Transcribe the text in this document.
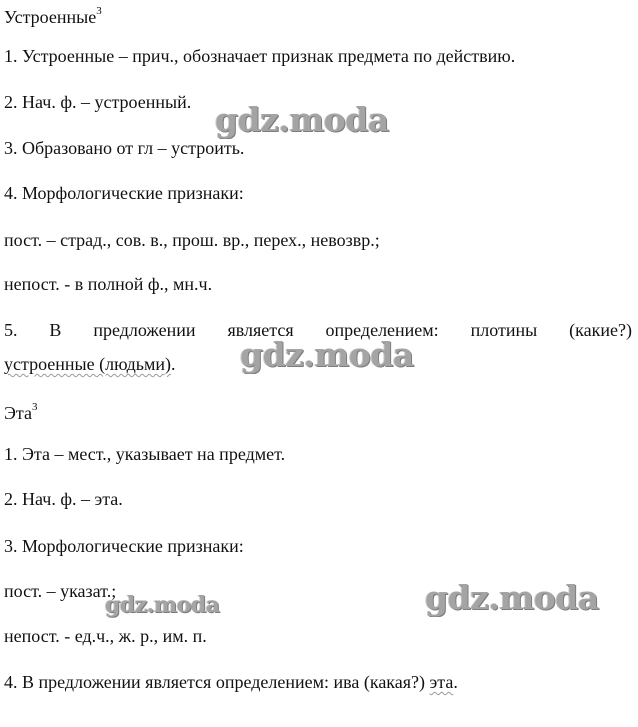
Устроенные$^3$
1. Устроенные – прич., обозначает признак предмета по действию.
2. Нач. ф. – устроенный.
3. Образовано от гл – устроить.
4. Морфологические признаки:
пост. – страд., сов. в., прош. вр., перех., невозвр.;
непост. - в полной ф., мн.ч.
5. В предложении является определением: плотины (какие?)
устроенные (людьми).
Эта$^3$
1. Эта – мест., указывает на предмет.
2. Нач. ф. – эта.
3. Морфологические признаки:
пост. – указат.;
непост. - ед.ч., ж. р., им. п.
4. В предложении является определением: ива (какая?) эта.
gdz.moda
gdz.moda
gdz.moda
gdz.moda
